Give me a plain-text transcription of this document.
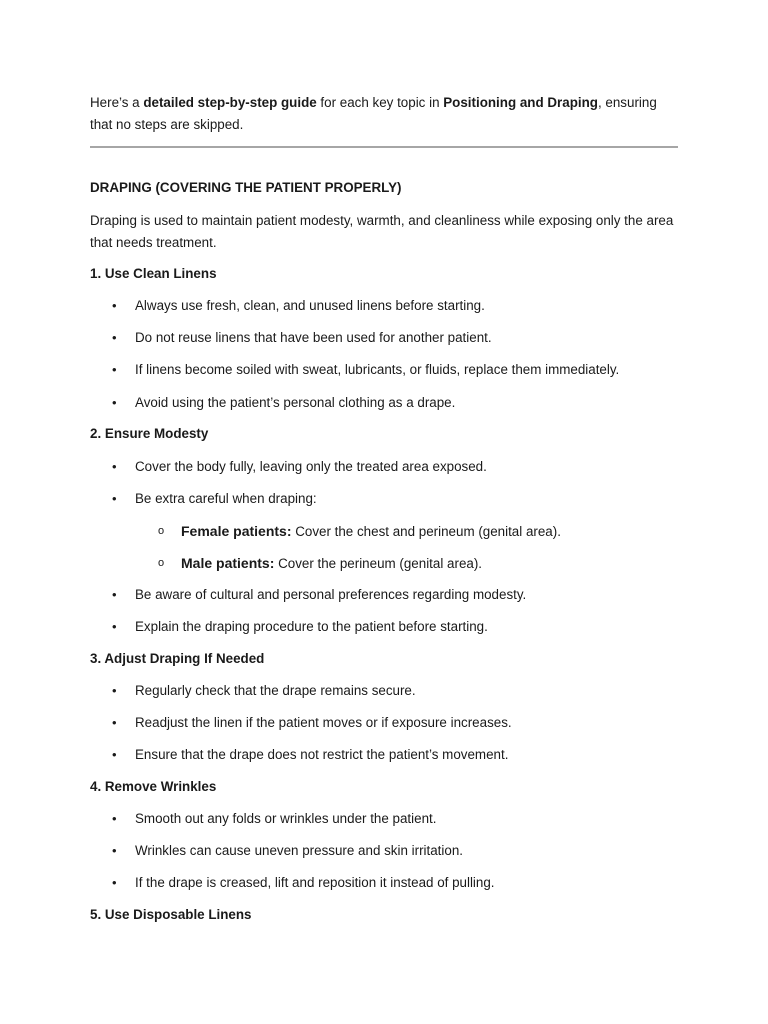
Here’s a detailed step-by-step guide for each key topic in Positioning and Draping, ensuring that no steps are skipped.
DRAPING (COVERING THE PATIENT PROPERLY)
Draping is used to maintain patient modesty, warmth, and cleanliness while exposing only the area that needs treatment.
1. Use Clean Linens
• Always use fresh, clean, and unused linens before starting.
• Do not reuse linens that have been used for another patient.
• If linens become soiled with sweat, lubricants, or fluids, replace them immediately.
• Avoid using the patient’s personal clothing as a drape.
2. Ensure Modesty
• Cover the body fully, leaving only the treated area exposed.
• Be extra careful when draping:
o Female patients: Cover the chest and perineum (genital area).
o Male patients: Cover the perineum (genital area).
• Be aware of cultural and personal preferences regarding modesty.
• Explain the draping procedure to the patient before starting.
3. Adjust Draping If Needed
• Regularly check that the drape remains secure.
• Readjust the linen if the patient moves or if exposure increases.
• Ensure that the drape does not restrict the patient’s movement.
4. Remove Wrinkles
• Smooth out any folds or wrinkles under the patient.
• Wrinkles can cause uneven pressure and skin irritation.
• If the drape is creased, lift and reposition it instead of pulling.
5. Use Disposable Linens
